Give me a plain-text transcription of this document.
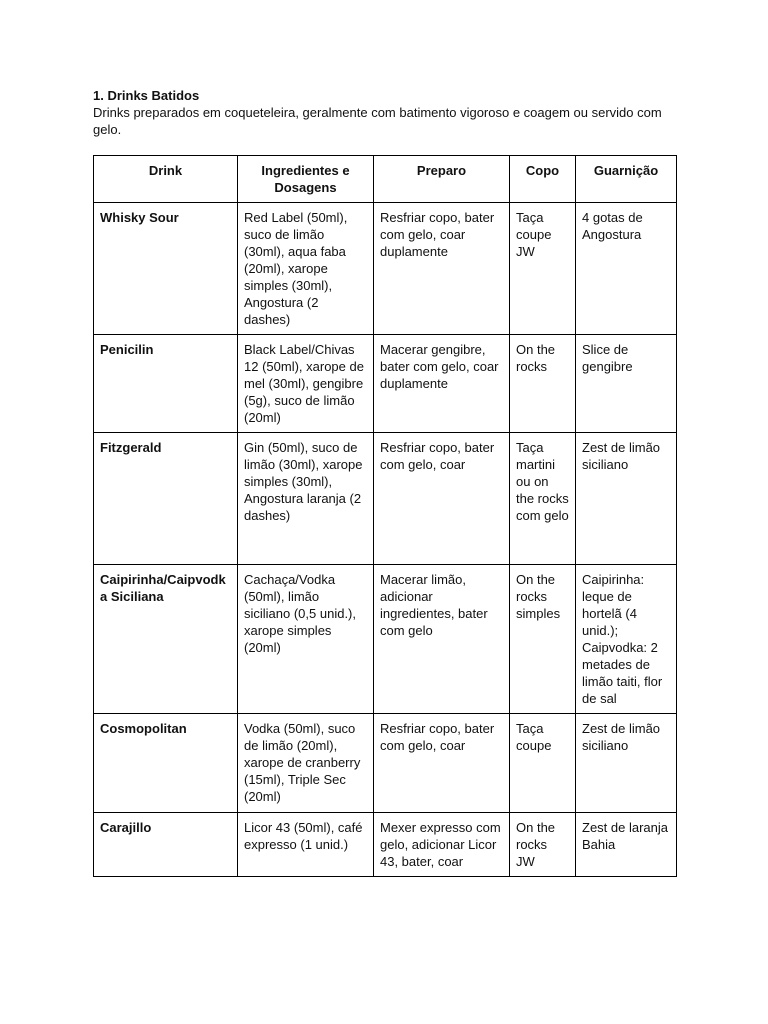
1. Drinks Batidos
Drinks preparados em coqueteleira, geralmente com batimento vigoroso e coagem ou servido com gelo.
Drink	Ingredientes e Dosagens	Preparo	Copo	Guarnição
Whisky Sour	Red Label (50ml), suco de limão (30ml), aqua faba (20ml), xarope simples (30ml), Angostura (2 dashes)	Resfriar copo, bater com gelo, coar duplamente	Taça coupe JW	4 gotas de Angostura
Penicilin	Black Label/Chivas 12 (50ml), xarope de mel (30ml), gengibre (5g), suco de limão (20ml)	Macerar gengibre, bater com gelo, coar duplamente	On the rocks	Slice de gengibre
Fitzgerald	Gin (50ml), suco de limão (30ml), xarope simples (30ml), Angostura laranja (2 dashes)	Resfriar copo, bater com gelo, coar	Taça martini ou on the rocks com gelo	Zest de limão siciliano
Caipirinha/Caipvodka Siciliana	Cachaça/Vodka (50ml), limão siciliano (0,5 unid.), xarope simples (20ml)	Macerar limão, adicionar ingredientes, bater com gelo	On the rocks simples	Caipirinha: leque de hortelã (4 unid.); Caipvodka: 2 metades de limão taiti, flor de sal
Cosmopolitan	Vodka (50ml), suco de limão (20ml), xarope de cranberry (15ml), Triple Sec (20ml)	Resfriar copo, bater com gelo, coar	Taça coupe	Zest de limão siciliano
Carajillo	Licor 43 (50ml), café expresso (1 unid.)	Mexer expresso com gelo, adicionar Licor 43, bater, coar	On the rocks JW	Zest de laranja Bahia
